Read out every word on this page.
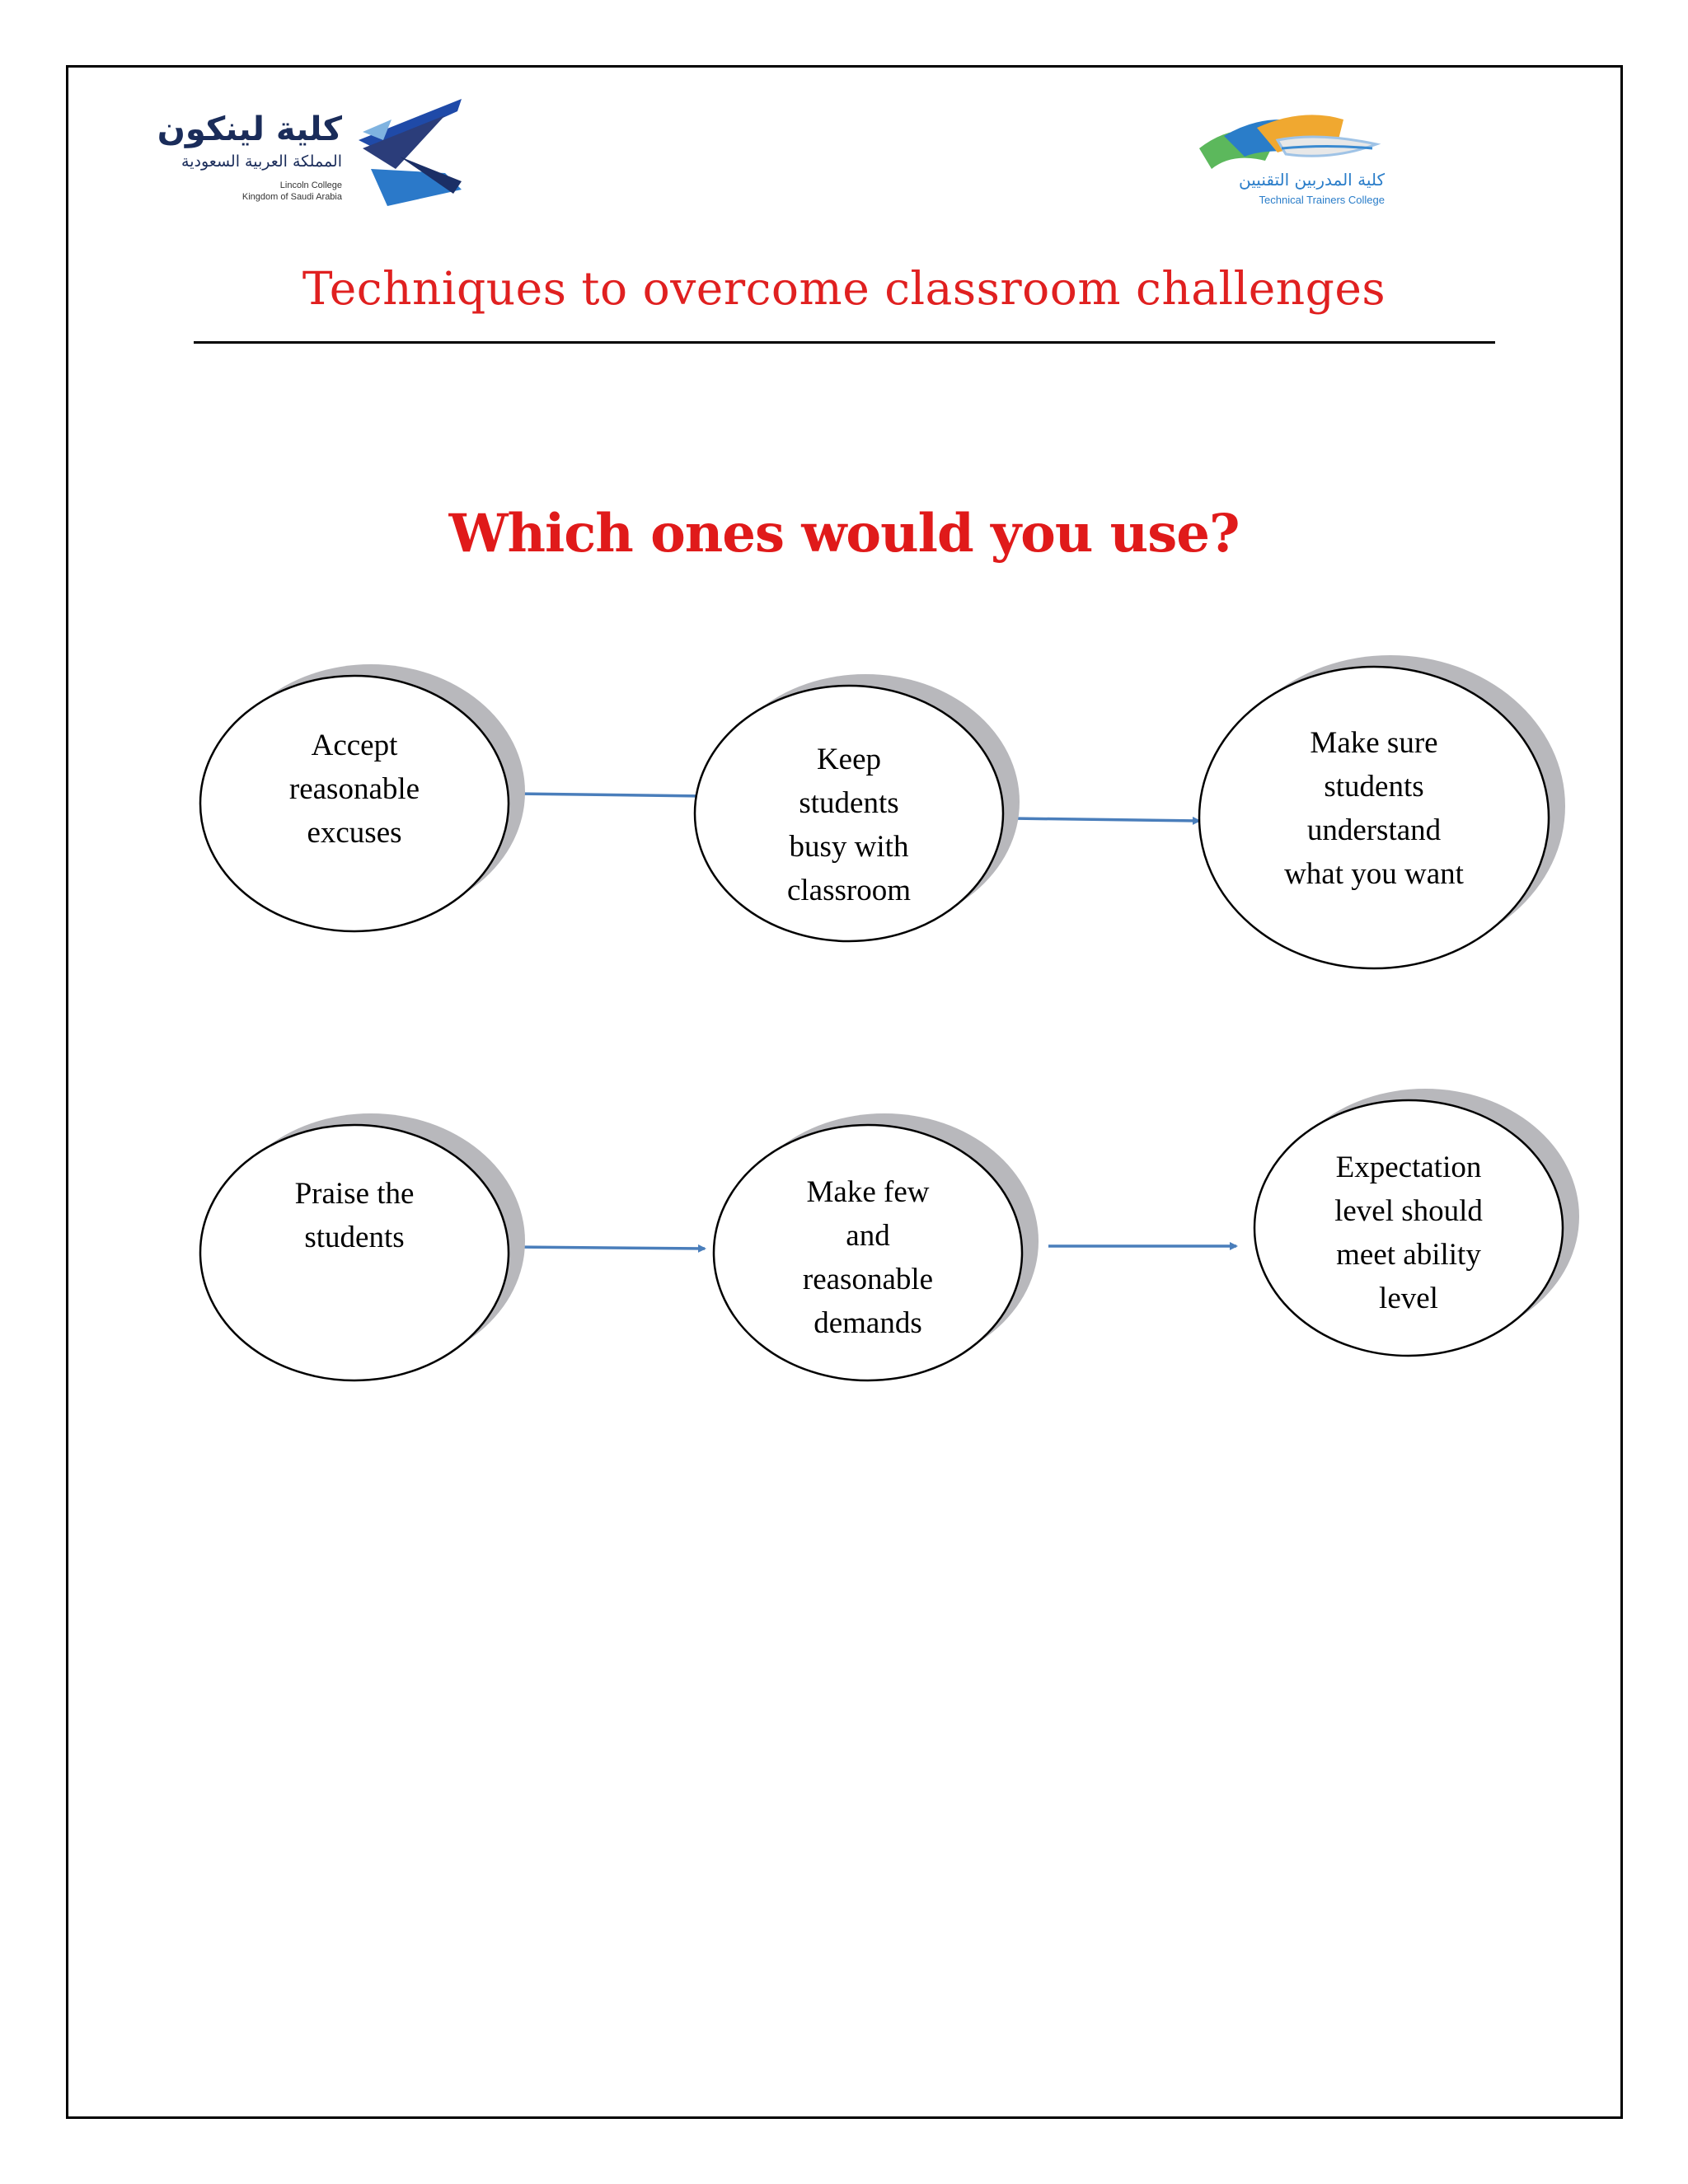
كلية لينكون
المملكة العربية السعودية
Lincoln College
Kingdom of Saudi Arabia
كلية المدربين التقنيين
Technical Trainers College
Techniques to overcome classroom challenges
Which ones would you use?
Accept
reasonable
excuses
Keep
students
busy with
classroom
Make sure
students
understand
what you want
Praise the
students
Make few
and
reasonable
demands
Expectation
level should
meet ability
level
